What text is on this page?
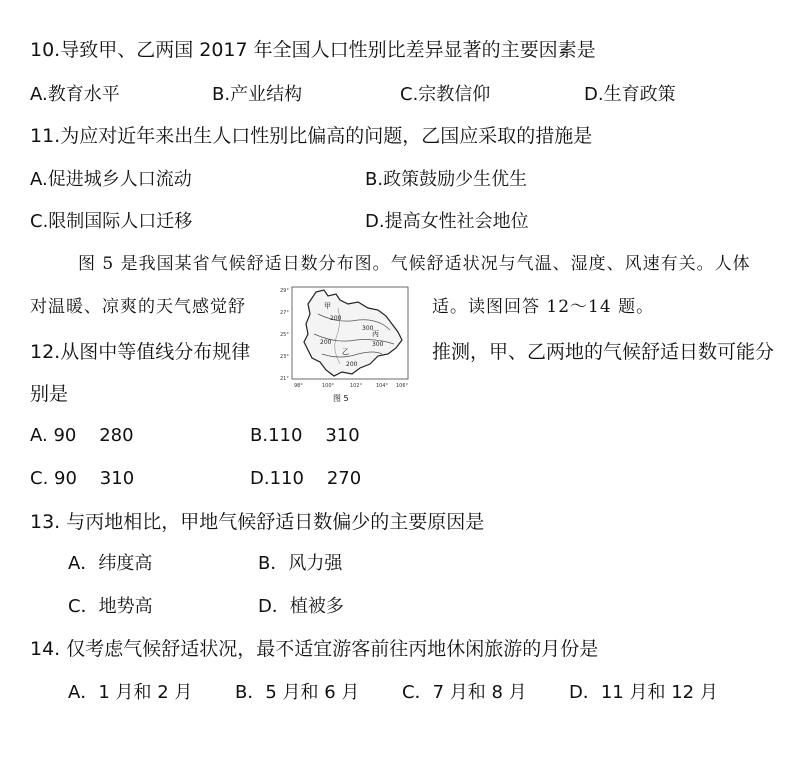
10.导致甲、乙两国 2017 年全国人口性别比差异显著的主要因素是
A.教育水平	B.产业结构	C.宗教信仰	D.生育政策
11.为应对近年来出生人口性别比偏高的问题，乙国应采取的措施是
A.促进城乡人口流动	B.政策鼓励少生优生
C.限制国际人口迁移	D.提高女性社会地位
图 5 是我国某省气候舒适日数分布图。气候舒适状况与气温、湿度、风速有关。人体
对温暖、凉爽的天气感觉舒	适。读图回答 12～14 题。
200
300
200	300
200
甲
乙
丙
29°
27°
25°
23°
21°
98°	100°	102°	104° 106°
图 5
12.从图中等值线分布规律	推测，甲、乙两地的气候舒适日数可能分
别是
A. 90    280	B.110    310
C. 90    310	D.110    270
13. 与丙地相比，甲地气候舒适日数偏少的主要原因是
A．纬度高	B．风力强
C．地势高	D．植被多
14. 仅考虑气候舒适状况，最不适宜游客前往丙地休闲旅游的月份是
A．1 月和 2 月 B．5 月和 6 月 C．7 月和 8 月 D．11 月和 12 月
